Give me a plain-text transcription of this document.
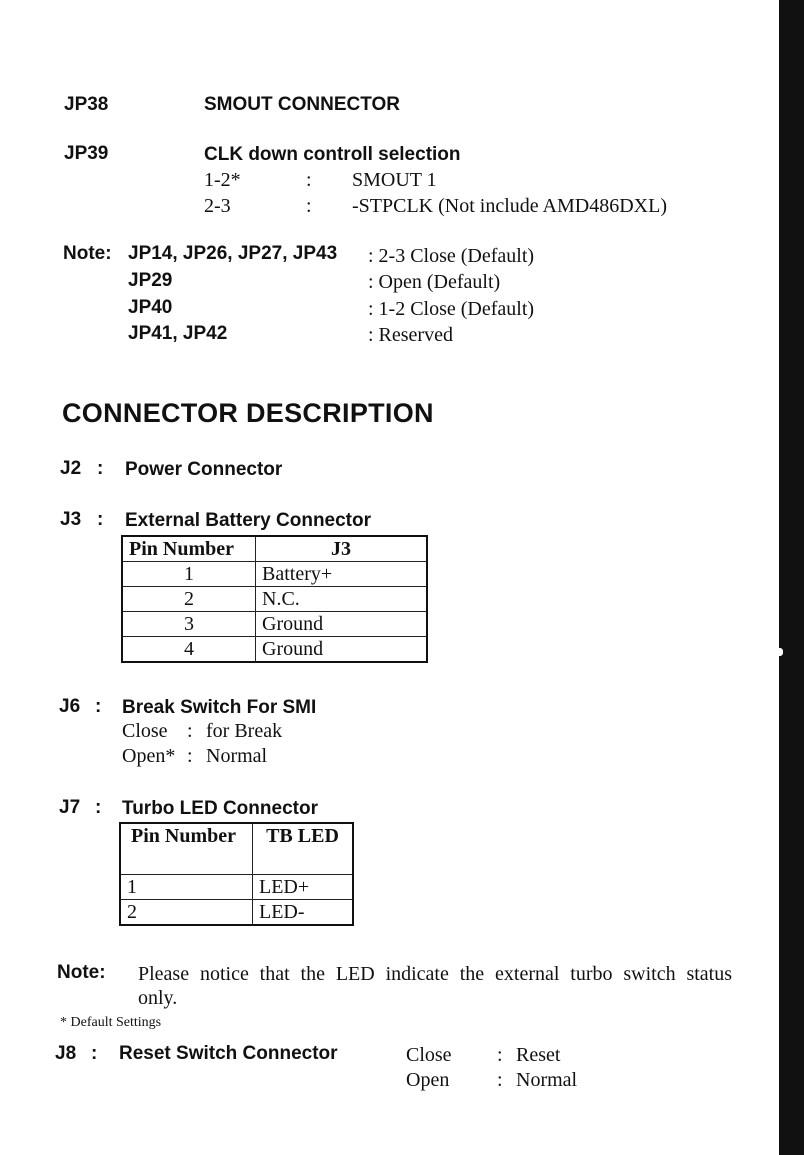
JP38	SMOUT CONNECTOR
JP39	CLK down controll selection
1-2*	: SMOUT 1
2-3	: -STPCLK (Not include AMD486DXL)
Note: JP14, JP26, JP27, JP43 : 2-3 Close (Default)
JP29	: Open (Default)
JP40	: 1-2 Close (Default)
JP41, JP42	: Reserved
CONNECTOR DESCRIPTION
J2 : Power Connector
J3 : External Battery Connector
Pin Number	J3
1	Battery+
2	N.C.
3	Ground
4	Ground
J6 : Break Switch For SMI
Close : for Break
Open* : Normal
J7 : Turbo LED Connector
Pin Number	TB LED
1	LED+
2	LED-
Note: Please notice that the LED indicate the external turbo switch status
only.
* Default Settings
J8 : Reset Switch Connector	Close : Reset
Open : Normal
